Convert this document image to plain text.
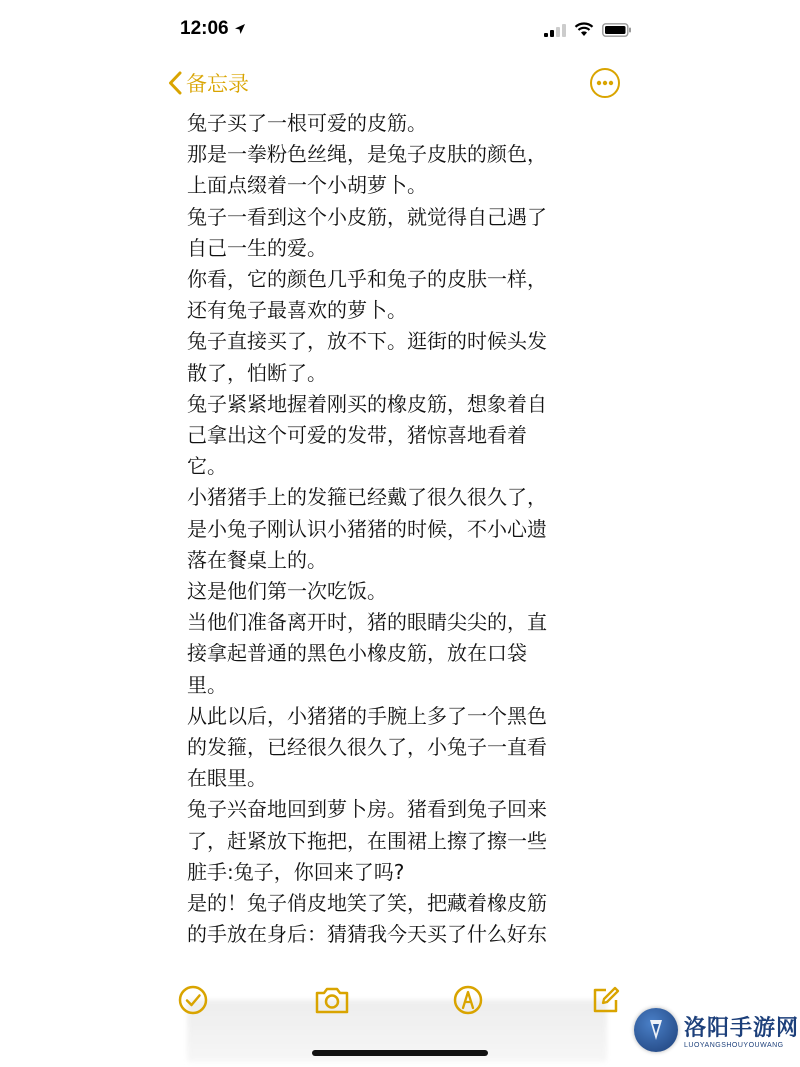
12:06
备忘录

兔子买了一根可爱的皮筋。

那是一拳粉色丝绳，是兔子皮肤的颜色，

上面点缀着一个小胡萝卜。

兔子一看到这个小皮筋，就觉得自己遇了

自己一生的爱。

你看，它的颜色几乎和兔子的皮肤一样，

还有兔子最喜欢的萝卜。

兔子直接买了，放不下。逛街的时候头发

散了，怕断了。

兔子紧紧地握着刚买的橡皮筋，想象着自

己拿出这个可爱的发带，猪惊喜地看着

它。

小猪猪手上的发箍已经戴了很久很久了，

是小兔子刚认识小猪猪的时候，不小心遗

落在餐桌上的。

这是他们第一次吃饭。

当他们准备离开时，猪的眼睛尖尖的，直

接拿起普通的黑色小橡皮筋，放在口袋

里。

从此以后，小猪猪的手腕上多了一个黑色

的发箍，已经很久很久了，小兔子一直看

在眼里。

兔子兴奋地回到萝卜房。猪看到兔子回来

了，赶紧放下拖把，在围裙上擦了擦一些

脏手:兔子，你回来了吗?

是的！兔子俏皮地笑了笑，把藏着橡皮筋

的手放在身后：猜猜我今天买了什么好东

洛阳手游网
LUOYANGSHOUYOUWANG
